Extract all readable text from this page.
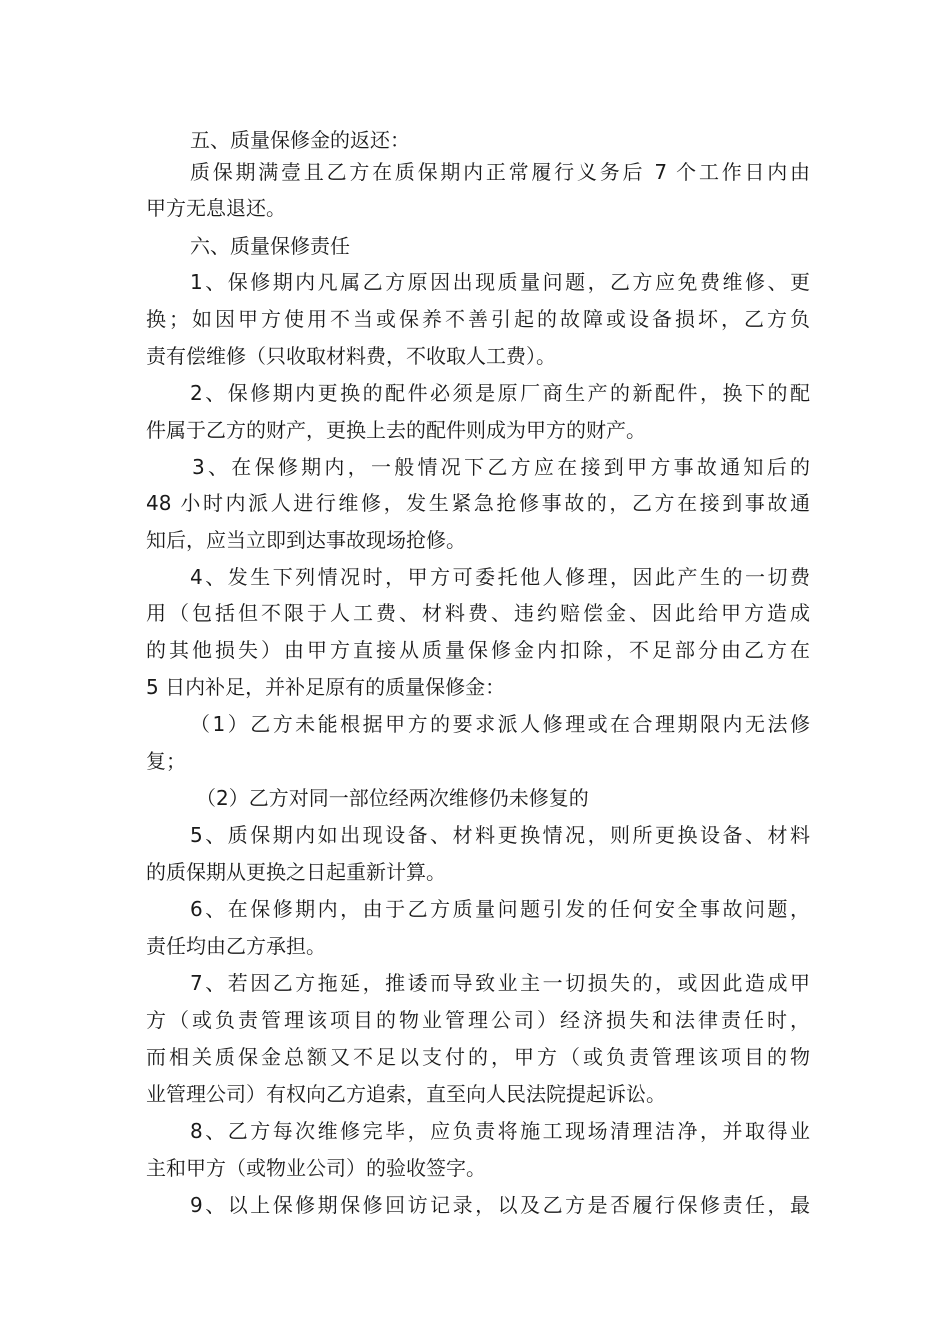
五、质量保修金的返还：
质保期满壹且乙方在质保期内正常履行义务后 7 个工作日内由
甲方无息退还。
六、质量保修责任
1、保修期内凡属乙方原因出现质量问题，乙方应免费维修、更
换；如因甲方使用不当或保养不善引起的故障或设备损坏，乙方负
责有偿维修（只收取材料费，不收取人工费）。
2、保修期内更换的配件必须是原厂商生产的新配件，换下的配
件属于乙方的财产，更换上去的配件则成为甲方的财产。
3、在保修期内，一般情况下乙方应在接到甲方事故通知后的
48 小时内派人进行维修，发生紧急抢修事故的，乙方在接到事故通
知后，应当立即到达事故现场抢修。
4、发生下列情况时，甲方可委托他人修理，因此产生的一切费
用（包括但不限于人工费、材料费、违约赔偿金、因此给甲方造成
的其他损失）由甲方直接从质量保修金内扣除，不足部分由乙方在
5 日内补足，并补足原有的质量保修金：
（1）乙方未能根据甲方的要求派人修理或在合理期限内无法修
复；
（2）乙方对同一部位经两次维修仍未修复的
5、质保期内如出现设备、材料更换情况，则所更换设备、材料
的质保期从更换之日起重新计算。
6、在保修期内，由于乙方质量问题引发的任何安全事故问题，
责任均由乙方承担。
7、若因乙方拖延，推诿而导致业主一切损失的，或因此造成甲
方（或负责管理该项目的物业管理公司）经济损失和法律责任时，
而相关质保金总额又不足以支付的，甲方（或负责管理该项目的物
业管理公司）有权向乙方追索，直至向人民法院提起诉讼。
8、乙方每次维修完毕，应负责将施工现场清理洁净，并取得业
主和甲方（或物业公司）的验收签字。
9、以上保修期保修回访记录，以及乙方是否履行保修责任，最
